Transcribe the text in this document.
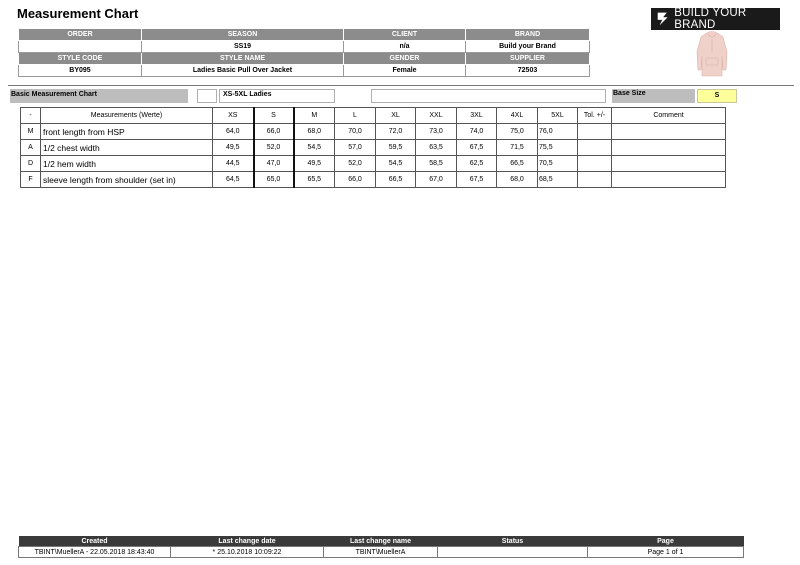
Measurement Chart
ORDER	SEASON	CLIENT	BRAND
	SS19	n/a	Build your Brand
STYLE CODE	STYLE NAME	GENDER	SUPPLIER
BY095	Ladies Basic Pull Over Jacket	Female	72503
BUILD YOUR BRAND
Basic Measurement Chart	XS-5XL Ladies	Base Size	S
-	Measurements (Werte)	XS	S	M	L	XL	XXL	3XL	4XL	5XL	Tol. +/-	Comment
M	front length from HSP	64,0	66,0	68,0	70,0	72,0	73,0	74,0	75,0	76,0		
A	1/2 chest width	49,5	52,0	54,5	57,0	59,5	63,5	67,5	71,5	75,5		
D	1/2 hem width	44,5	47,0	49,5	52,0	54,5	58,5	62,5	66,5	70,5		
F	sleeve length from shoulder (set in)	64,5	65,0	65,5	66,0	66,5	67,0	67,5	68,0	68,5		
Created	Last change date	Last change name	Status	Page
TBINT\MuellerA - 22.05.2018 18:43:40	* 25.10.2018 10:09:22	TBINT\MuellerA		Page 1 of 1
